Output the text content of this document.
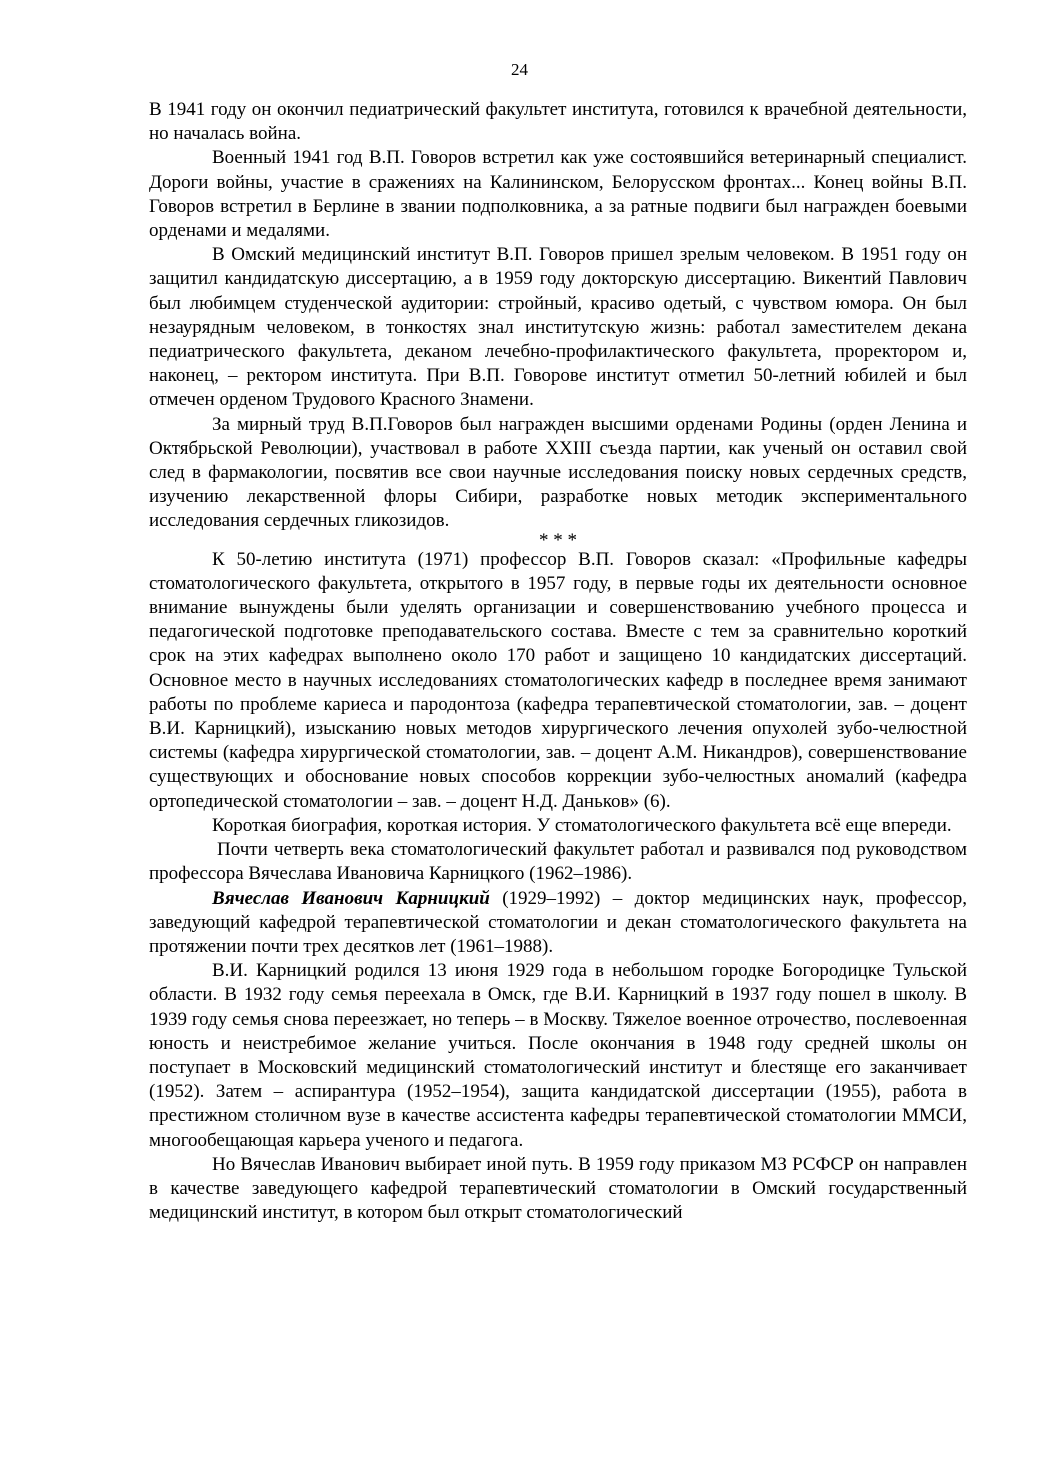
24

В 1941 году он окончил педиатрический факультет института, готовился к врачебной деятельности, но началась война.

Военный 1941 год В.П. Говоров встретил как уже состоявшийся ветеринарный специалист. Дороги войны, участие в сражениях на Калининском, Белорусском фронтах... Конец войны В.П. Говоров встретил в Берлине в звании подполковника, а за ратные подвиги был награжден боевыми орденами и медалями.

В Омский медицинский институт В.П. Говоров пришел зрелым человеком. В 1951 году он защитил кандидатскую диссертацию, а в 1959 году докторскую диссертацию. Викентий Павлович был любимцем студенческой аудитории: стройный, красиво одетый, с чувством юмора. Он был незаурядным человеком, в тонкостях знал институтскую жизнь: работал заместителем декана педиатрического факультета, деканом лечебно-профилактического факультета, проректором и, наконец, – ректором института. При В.П. Говорове институт отметил 50-летний юбилей и был отмечен орденом Трудового Красного Знамени.

За мирный труд В.П.Говоров был награжден высшими орденами Родины (орден Ленина и Октябрьской Революции), участвовал в работе XXIII съезда партии, как ученый он оставил свой след в фармакологии, посвятив все свои научные исследования поиску новых сердечных средств, изучению лекарственной флоры Сибири, разработке новых методик экспериментального исследования сердечных гликозидов.

* * *

К 50-летию института (1971) профессор В.П. Говоров сказал: «Профильные кафедры стоматологического факультета, открытого в 1957 году, в первые годы их деятельности основное внимание вынуждены были уделять организации и совершенствованию учебного процесса и педагогической подготовке преподавательского состава. Вместе с тем за сравнительно короткий срок на этих кафедрах выполнено около 170 работ и защищено 10 кандидатских диссертаций. Основное место в научных исследованиях стоматологических кафедр в последнее время занимают работы по проблеме кариеса и пародонтоза (кафедра терапевтической стоматологии, зав. – доцент В.И. Карницкий), изысканию новых методов хирургического лечения опухолей зубо-челюстной системы (кафедра хирургической стоматологии, зав. – доцент А.М. Никандров), совершенствование существующих и обоснование новых способов коррекции зубо-челюстных аномалий (кафедра ортопедической стоматологии – зав. – доцент Н.Д. Даньков» (6).

Короткая биография, короткая история. У стоматологического факультета всё еще впереди.

Почти четверть века стоматологический факультет работал и развивался под руководством профессора Вячеслава Ивановича Карницкого (1962–1986).

Вячеслав Иванович Карницкий (1929–1992) – доктор медицинских наук, профессор, заведующий кафедрой терапевтической стоматологии и декан стоматологического факультета на протяжении почти трех десятков лет (1961–1988).

В.И. Карницкий родился 13 июня 1929 года в небольшом городке Богородицке Тульской области. В 1932 году семья переехала в Омск, где В.И. Карницкий в 1937 году пошел в школу. В 1939 году семья снова переезжает, но теперь – в Москву. Тяжелое военное отрочество, послевоенная юность и неистребимое желание учиться. После окончания в 1948 году средней школы он поступает в Московский медицинский стоматологический институт и блестяще его заканчивает (1952). Затем – аспирантура (1952–1954), защита кандидатской диссертации (1955), работа в престижном столичном вузе в качестве ассистента кафедры терапевтической стоматологии ММСИ, многообещающая карьера ученого и педагога.

Но Вячеслав Иванович выбирает иной путь. В 1959 году приказом МЗ РСФСР он направлен в качестве заведующего кафедрой терапевтический стоматологии в Омский государственный медицинский институт, в котором был открыт стоматологический
